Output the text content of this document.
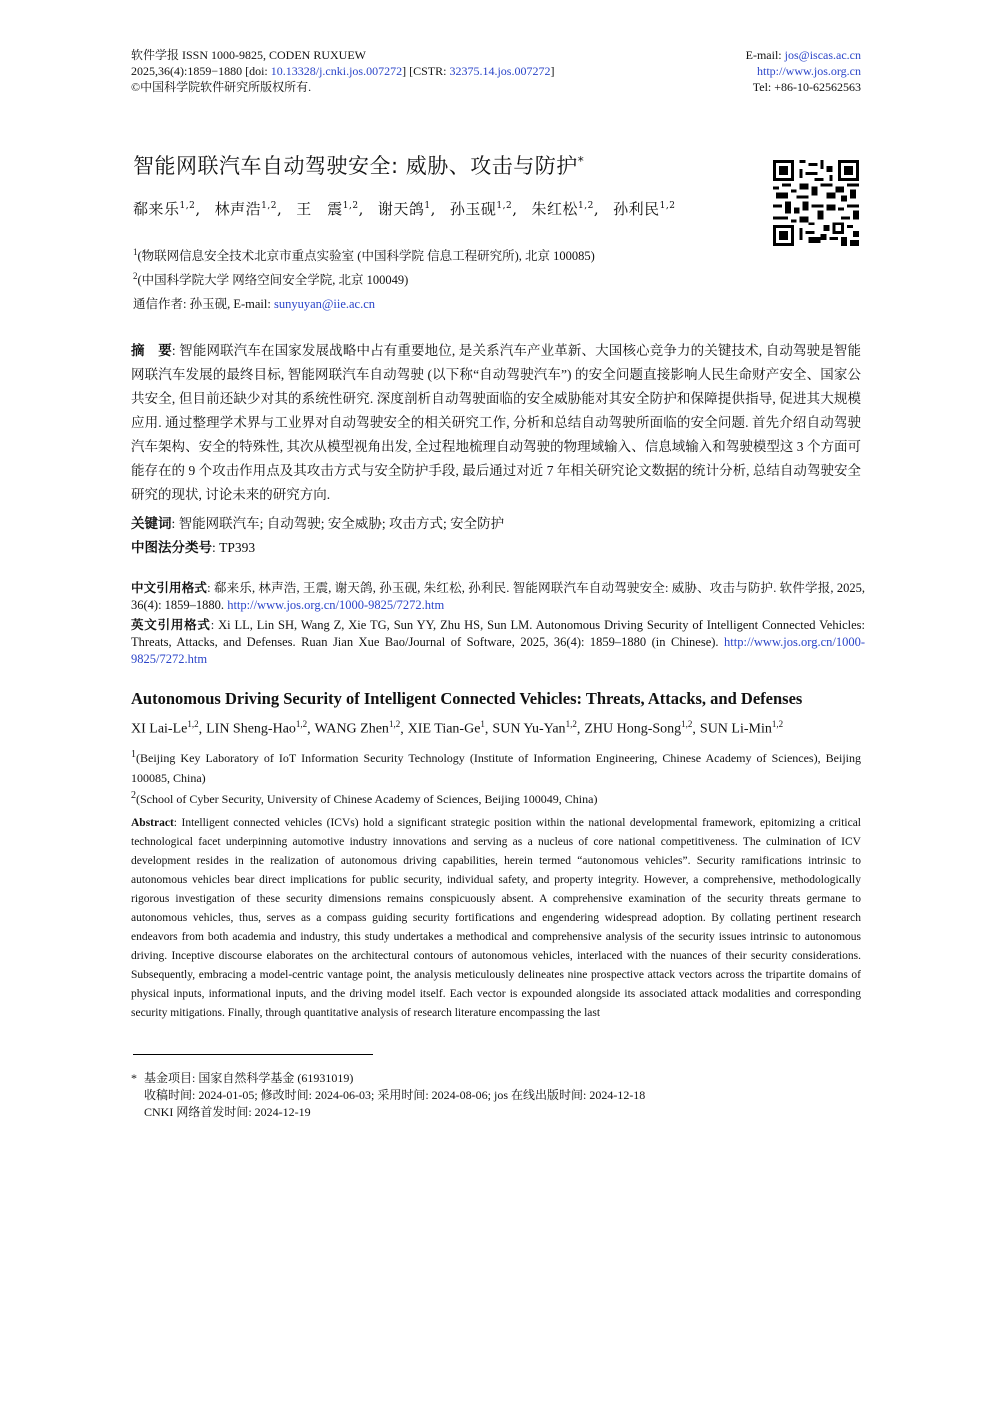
软件学报 ISSN 1000-9825, CODEN RUXUEW
2025,36(4):1859−1880 [doi: 10.13328/j.cnki.jos.007272] [CSTR: 32375.14.jos.007272]
©中国科学院软件研究所版权所有.
E-mail: jos@iscas.ac.cn
http://www.jos.org.cn
Tel: +86-10-62562563
智能网联汽车自动驾驶安全: 威胁、攻击与防护*
郗来乐$^{1,2}$, 林声浩$^{1,2}$, 王　震$^{1,2}$, 谢天鸽$^1$, 孙玉砚$^{1,2}$, 朱红松$^{1,2}$, 孙利民$^{1,2}$
$^1$(物联网信息安全技术北京市重点实验室 (中国科学院 信息工程研究所), 北京 100085)
$^2$(中国科学院大学 网络空间安全学院, 北京 100049)
通信作者: 孙玉砚, E-mail: sunyuyan@iie.ac.cn
摘　要: 智能网联汽车在国家发展战略中占有重要地位, 是关系汽车产业革新、大国核心竞争力的关键技术, 自动驾驶是智能网联汽车发展的最终目标, 智能网联汽车自动驾驶 (以下称“自动驾驶汽车”) 的安全问题直接影响人民生命财产安全、国家公共安全, 但目前还缺少对其的系统性研究. 深度剖析自动驾驶面临的安全威胁能对其安全防护和保障提供指导, 促进其大规模应用. 通过整理学术界与工业界对自动驾驶安全的相关研究工作, 分析和总结自动驾驶所面临的安全问题. 首先介绍自动驾驶汽车架构、安全的特殊性, 其次从模型视角出发, 全过程地梳理自动驾驶的物理域输入、信息域输入和驾驶模型这 3 个方面可能存在的 9 个攻击作用点及其攻击方式与安全防护手段, 最后通过对近 7 年相关研究论文数据的统计分析, 总结自动驾驶安全研究的现状, 讨论未来的研究方向.
关键词: 智能网联汽车; 自动驾驶; 安全威胁; 攻击方式; 安全防护
中图法分类号: TP393
中文引用格式: 郗来乐, 林声浩, 王震, 谢天鸽, 孙玉砚, 朱红松, 孙利民. 智能网联汽车自动驾驶安全: 威胁、攻击与防护. 软件学报, 2025, 36(4): 1859–1880. http://www.jos.org.cn/1000-9825/7272.htm
英文引用格式: Xi LL, Lin SH, Wang Z, Xie TG, Sun YY, Zhu HS, Sun LM. Autonomous Driving Security of Intelligent Connected Vehicles: Threats, Attacks, and Defenses. Ruan Jian Xue Bao/Journal of Software, 2025, 36(4): 1859–1880 (in Chinese). http://www.jos.org.cn/1000-9825/7272.htm
Autonomous Driving Security of Intelligent Connected Vehicles: Threats, Attacks, and Defenses
XI Lai-Le$^{1,2}$, LIN Sheng-Hao$^{1,2}$, WANG Zhen$^{1,2}$, XIE Tian-Ge$^1$, SUN Yu-Yan$^{1,2}$, ZHU Hong-Song$^{1,2}$, SUN Li-Min$^{1,2}$
$^1$(Beijing Key Laboratory of IoT Information Security Technology (Institute of Information Engineering, Chinese Academy of Sciences), Beijing 100085, China)
$^2$(School of Cyber Security, University of Chinese Academy of Sciences, Beijing 100049, China)
Abstract: Intelligent connected vehicles (ICVs) hold a significant strategic position within the national developmental framework, epitomizing a critical technological facet underpinning automotive industry innovations and serving as a nucleus of core national competitiveness. The culmination of ICV development resides in the realization of autonomous driving capabilities, herein termed “autonomous vehicles”. Security ramifications intrinsic to autonomous vehicles bear direct implications for public security, individual safety, and property integrity. However, a comprehensive, methodologically rigorous investigation of these security dimensions remains conspicuously absent. A comprehensive examination of the security threats germane to autonomous vehicles, thus, serves as a compass guiding security fortifications and engendering widespread adoption. By collating pertinent research endeavors from both academia and industry, this study undertakes a methodical and comprehensive analysis of the security issues intrinsic to autonomous driving. Inceptive discourse elaborates on the architectural contours of autonomous vehicles, interlaced with the nuances of their security considerations. Subsequently, embracing a model-centric vantage point, the analysis meticulously delineates nine prospective attack vectors across the tripartite domains of physical inputs, informational inputs, and the driving model itself. Each vector is expounded alongside its associated attack modalities and corresponding security mitigations. Finally, through quantitative analysis of research literature encompassing the last
* 基金项目: 国家自然科学基金 (61931019)
收稿时间: 2024-01-05; 修改时间: 2024-06-03; 采用时间: 2024-08-06; jos 在线出版时间: 2024-12-18
CNKI 网络首发时间: 2024-12-19
